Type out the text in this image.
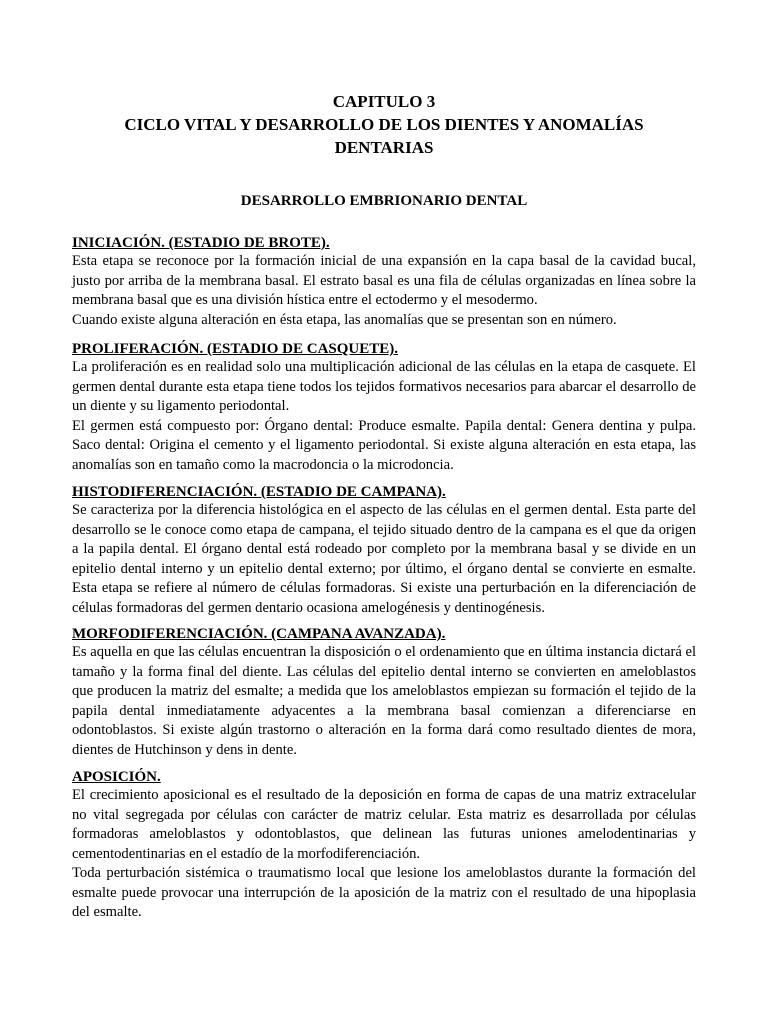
CAPITULO 3
CICLO VITAL Y DESARROLLO DE LOS DIENTES Y ANOMALÍAS
DENTARIAS
DESARROLLO EMBRIONARIO DENTAL

INICIACIÓN. (ESTADIO DE BROTE).

Esta etapa se reconoce por la formación inicial de una expansión en la capa basal de la cavidad bucal, justo por arriba de la membrana basal. El estrato basal es una fila de células organizadas en línea sobre la membrana basal que es una división hística entre el ectodermo y el mesodermo.

Cuando existe alguna alteración en ésta etapa, las anomalías que se presentan son en número.

PROLIFERACIÓN. (ESTADIO DE CASQUETE).

La proliferación es en realidad solo una multiplicación adicional de las células en la etapa de casquete. El germen dental durante esta etapa tiene todos los tejidos formativos necesarios para abarcar el desarrollo de un diente y su ligamento periodontal.

El germen está compuesto por: Órgano dental: Produce esmalte. Papila dental: Genera dentina y pulpa. Saco dental: Origina el cemento y el ligamento periodontal. Si existe alguna alteración en esta etapa, las anomalías son en tamaño como la macrodoncia o la microdoncia.

HISTODIFERENCIACIÓN. (ESTADIO DE CAMPANA).

Se caracteriza por la diferencia histológica en el aspecto de las células en el germen dental. Esta parte del desarrollo se le conoce como etapa de campana, el tejido situado dentro de la campana es el que da origen a la papila dental. El órgano dental está rodeado por completo por la membrana basal y se divide en un epitelio dental interno y un epitelio dental externo; por último, el órgano dental se convierte en esmalte. Esta etapa se refiere al número de células formadoras. Si existe una perturbación en la diferenciación de células formadoras del germen dentario ocasiona amelogénesis y dentinogénesis.

MORFODIFERENCIACIÓN. (CAMPANA AVANZADA).

Es aquella en que las células encuentran la disposición o el ordenamiento que en última instancia dictará el tamaño y la forma final del diente. Las células del epitelio dental interno se convierten en ameloblastos que producen la matriz del esmalte; a medida que los ameloblastos empiezan su formación el tejido de la papila dental inmediatamente adyacentes a la membrana basal comienzan a diferenciarse en odontoblastos. Si existe algún trastorno o alteración en la forma dará como resultado dientes de mora, dientes de Hutchinson y dens in dente.

APOSICIÓN.

El crecimiento aposicional es el resultado de la deposición en forma de capas de una matriz extracelular no vital segregada por células con carácter de matriz celular. Esta matriz es desarrollada por células formadoras ameloblastos y odontoblastos, que delinean las futuras uniones amelodentinarias y cementodentinarias en el estadío de la morfodiferenciación.

Toda perturbación sistémica o traumatismo local que lesione los ameloblastos durante la formación del esmalte puede provocar una interrupción de la aposición de la matriz con el resultado de una hipoplasia del esmalte.
